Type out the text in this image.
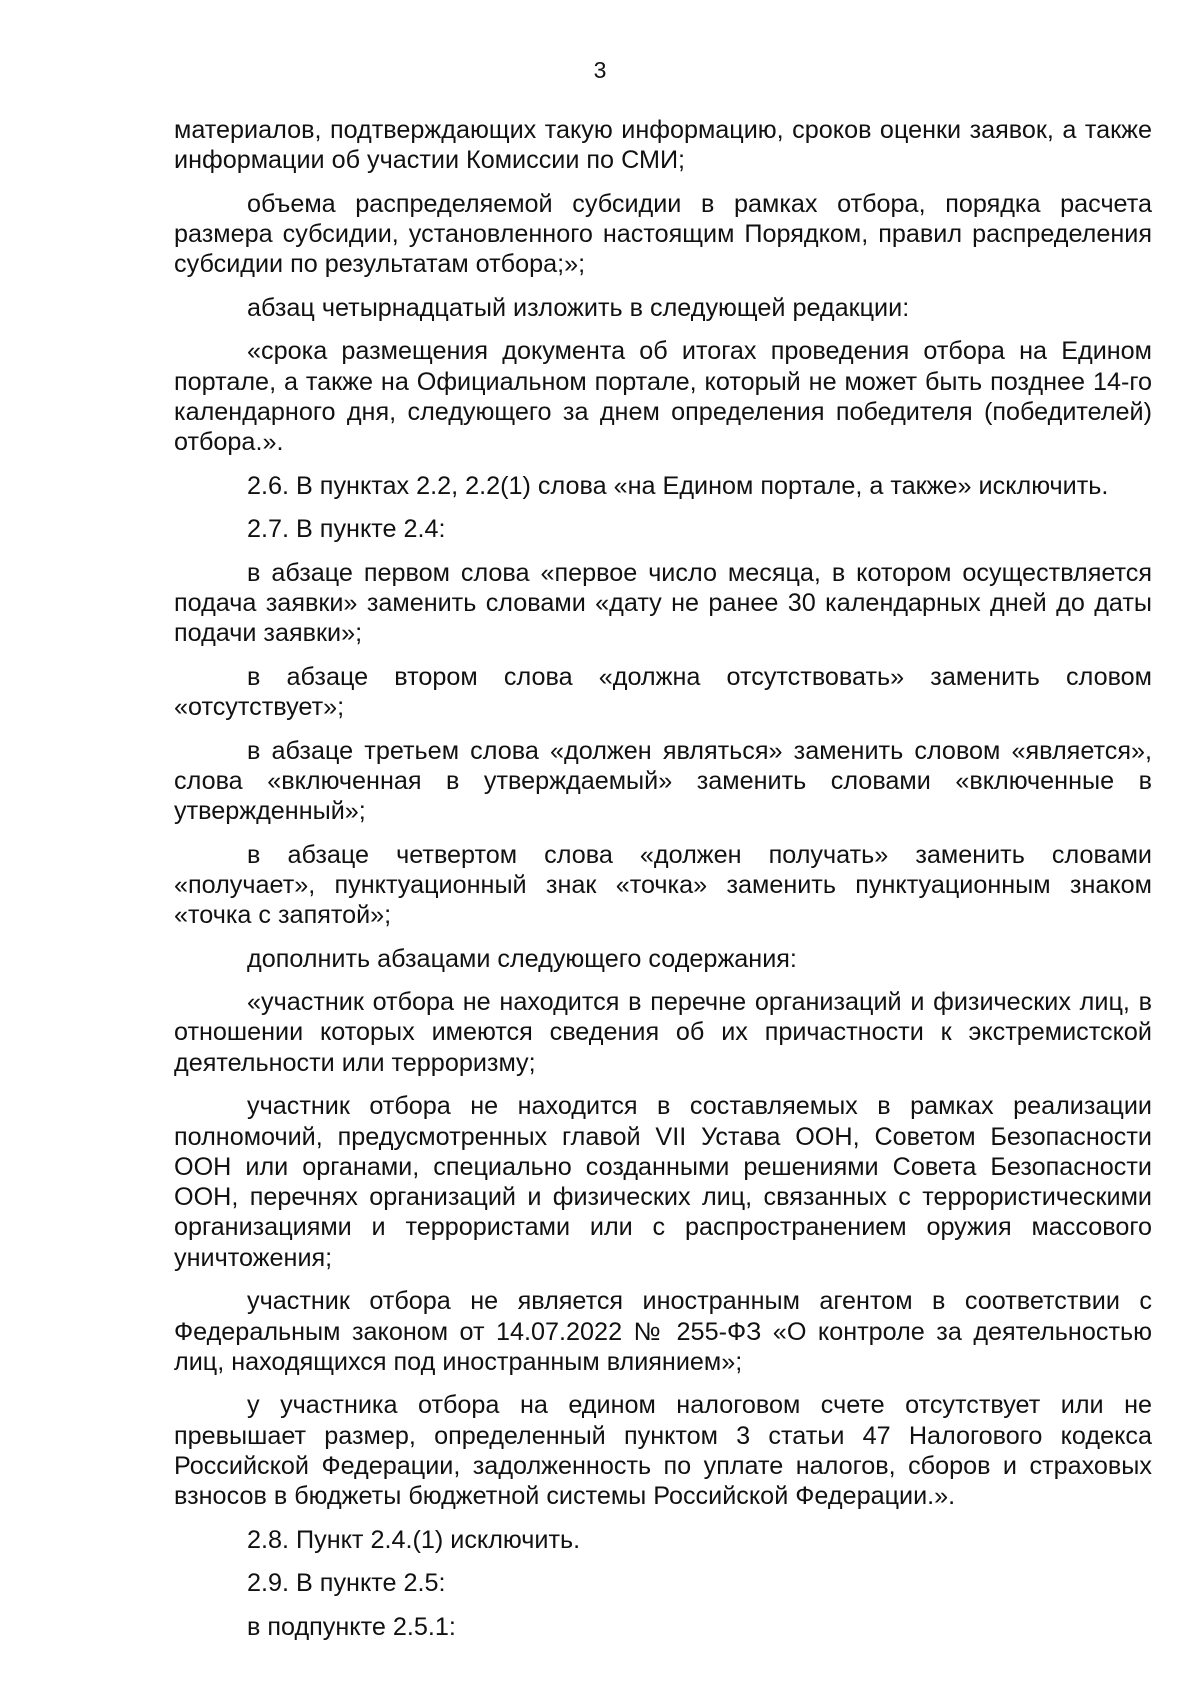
3

материалов, подтверждающих такую информацию, сроков оценки заявок, а также информации об участии Комиссии по СМИ;

объема распределяемой субсидии в рамках отбора, порядка расчета размера субсидии, установленного настоящим Порядком, правил распределения субсидии по результатам отбора;»;

абзац четырнадцатый изложить в следующей редакции:

«срока размещения документа об итогах проведения отбора на Едином портале, а также на Официальном портале, который не может быть позднее 14-го календарного дня, следующего за днем определения победителя (победителей) отбора.».

2.6. В пунктах 2.2, 2.2(1) слова «на Едином портале, а также» исключить.

2.7. В пункте 2.4:

в абзаце первом слова «первое число месяца, в котором осуществляется подача заявки» заменить словами «дату не ранее 30 календарных дней до даты подачи заявки»;

в абзаце втором слова «должна отсутствовать» заменить словом «отсутствует»;

в абзаце третьем слова «должен являться» заменить словом «является», слова «включенная в утверждаемый» заменить словами «включенные в утвержденный»;

в абзаце четвертом слова «должен получать» заменить словами «получает», пунктуационный знак «точка» заменить пунктуационным знаком «точка с запятой»;

дополнить абзацами следующего содержания:

«участник отбора не находится в перечне организаций и физических лиц, в отношении которых имеются сведения об их причастности к экстремистской деятельности или терроризму;

участник отбора не находится в составляемых в рамках реализации полномочий, предусмотренных главой VII Устава ООН, Советом Безопасности ООН или органами, специально созданными решениями Совета Безопасности ООН, перечнях организаций и физических лиц, связанных с террористическими организациями и террористами или с распространением оружия массового уничтожения;

участник отбора не является иностранным агентом в соответствии с Федеральным законом от 14.07.2022 № 255-ФЗ «О контроле за деятельностью лиц, находящихся под иностранным влиянием»;

у участника отбора на едином налоговом счете отсутствует или не превышает размер, определенный пунктом 3 статьи 47 Налогового кодекса Российской Федерации, задолженность по уплате налогов, сборов и страховых взносов в бюджеты бюджетной системы Российской Федерации.».

2.8. Пункт 2.4.(1) исключить.

2.9. В пункте 2.5:

в подпункте 2.5.1:
